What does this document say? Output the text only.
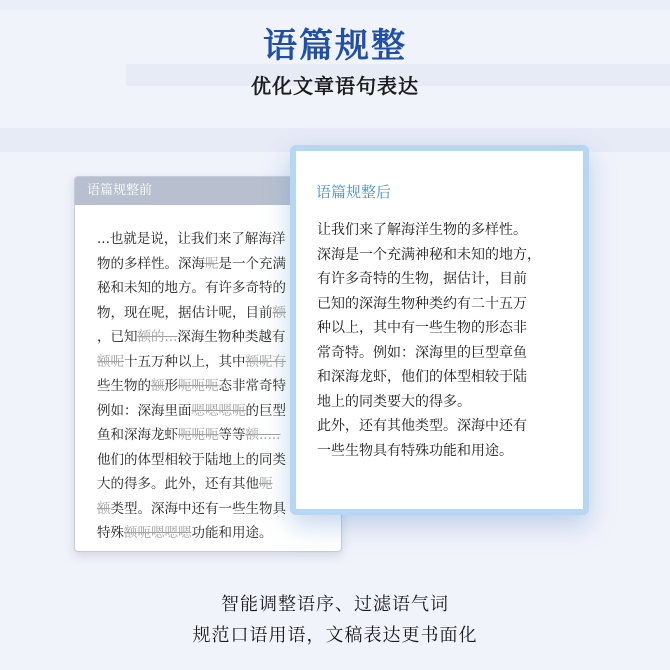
语篇规整
优化文章语句表达
语篇规整前
...也就是说，让我们来了解海洋
物的多样性。深海呢是一个充满
秘和未知的地方。有许多奇特的
物，现在呢，据估计呢，目前额
，已知额的...深海生物种类越有
额呢十五万种以上，其中额呢有
些生物的额形呃呃呃态非常奇特
例如：深海里面嗯嗯嗯呃的巨型
鱼和深海龙虾呃呃呃等等额.....
他们的体型相较于陆地上的同类
大的得多。此外，还有其他呃
额类型。深海中还有一些生物具
特殊额呃嗯嗯嗯功能和用途。
语篇规整后
让我们来了解海洋生物的多样性。
深海是一个充满神秘和未知的地方，
有许多奇特的生物，据估计，目前
已知的深海生物种类约有二十五万
种以上，其中有一些生物的形态非
常奇特。例如：深海里的巨型章鱼
和深海龙虾，他们的体型相较于陆
地上的同类要大的得多。
此外，还有其他类型。深海中还有
一些生物具有特殊功能和用途。
智能调整语序、过滤语气词
规范口语用语，文稿表达更书面化
